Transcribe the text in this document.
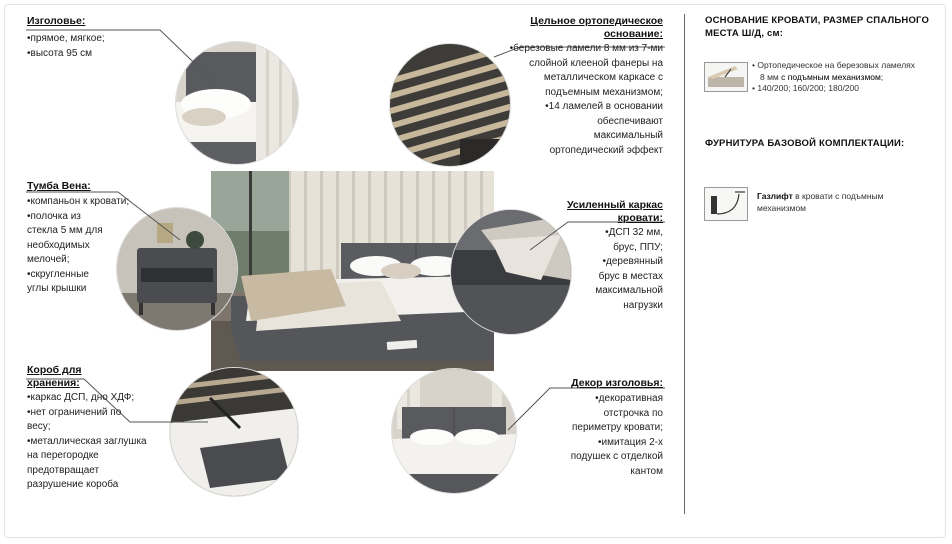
Изголовье:
•прямое, мягкое;
•высота 95 см
Цельное ортопедическое
основание:
•березовые ламели 8 мм из 7-ми
слойной клееной фанеры на
металлическом каркасе с
подъемным механизмом;
•14 ламелей в основании
обеспечивают
максимальный
ортопедический эффект
Тумба Вена:
•компаньон к кровати;
•полочка из
стекла 5 мм для
необходимых
мелочей;
•скругленные
углы крышки
Усиленный каркас
кровати:
•ДСП 32 мм,
брус, ППУ;
•деревянный
брус в местах
максимальной
нагрузки
Короб для
хранения:
•каркас ДСП, дно ХДФ;
•нет ограничений по
весу;
•металлическая заглушка
на перегородке
предотвращает
разрушение короба
Декор изголовья:
•декоративная
отстрочка по
периметру кровати;
•имитация 2-х
подушек с отделкой
кантом
ОСНОВАНИЕ КРОВАТИ, РАЗМЕР СПАЛЬНОГО
МЕСТА Ш/Д, см:
• Ортопедическое на березовых ламелях
8 мм с подъмным механизмом;
• 140/200; 160/200; 180/200
ФУРНИТУРА БАЗОВОЙ КОМПЛЕКТАЦИИ:
Газлифт в кровати с подъмным
механизмом
